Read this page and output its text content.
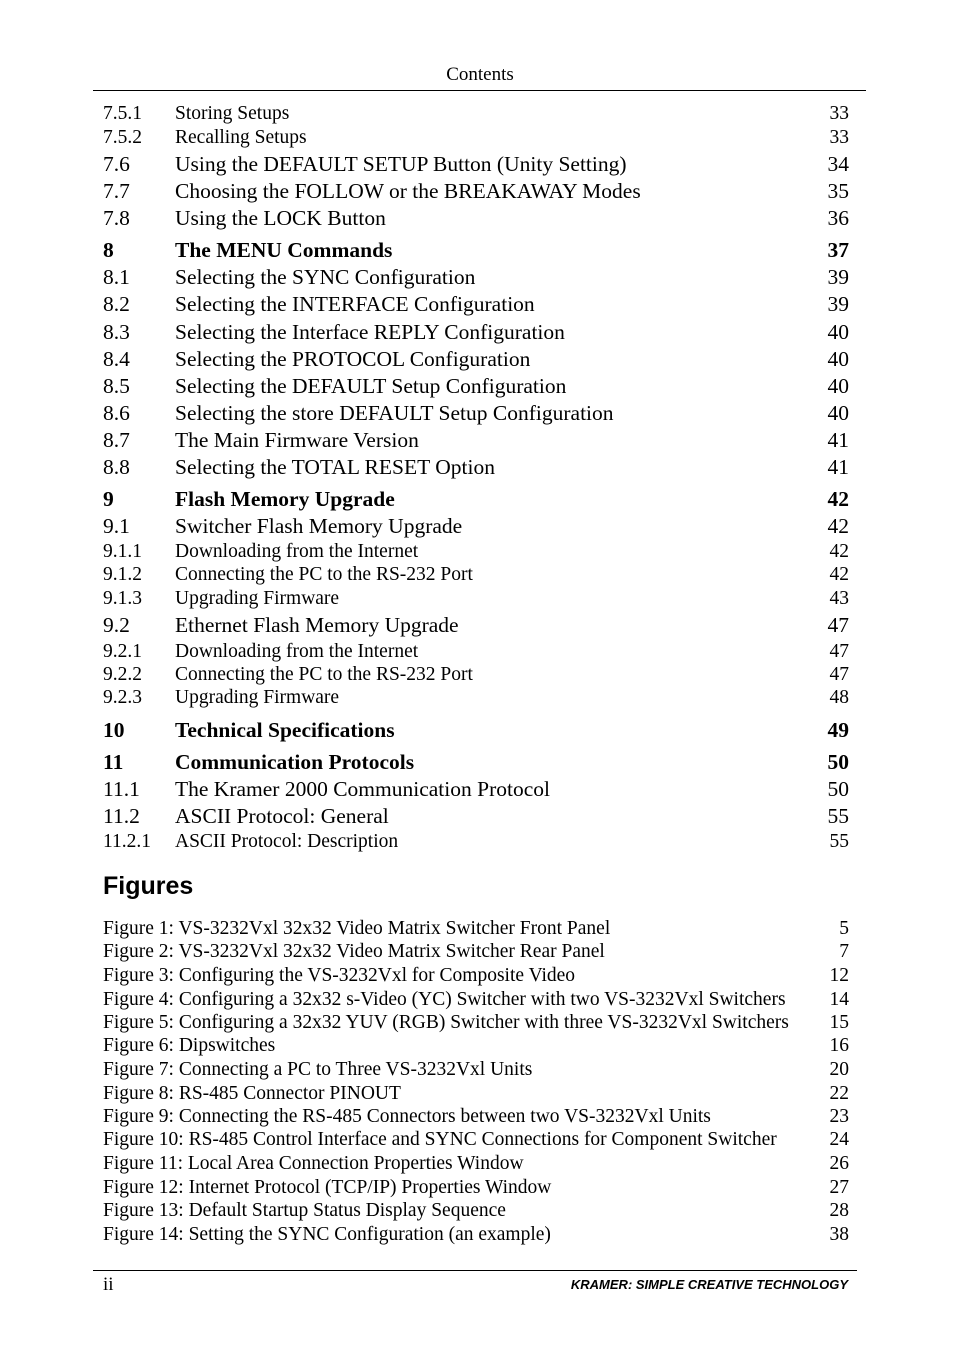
Contents
7.5.1 Storing Setups	33
7.5.2 Recalling Setups	33
7.6 Using the DEFAULT SETUP Button (Unity Setting)	34
7.7 Choosing the FOLLOW or the BREAKAWAY Modes	35
7.8 Using the LOCK Button	36
8	The MENU Commands	37
8.1 Selecting the SYNC Configuration	39
8.2 Selecting the INTERFACE Configuration	39
8.3 Selecting the Interface REPLY Configuration	40
8.4 Selecting the PROTOCOL Configuration	40
8.5 Selecting the DEFAULT Setup Configuration	40
8.6 Selecting the store DEFAULT Setup Configuration	40
8.7 The Main Firmware Version	41
8.8 Selecting the TOTAL RESET Option	41
9	Flash Memory Upgrade	42
9.1 Switcher Flash Memory Upgrade	42
9.1.1 Downloading from the Internet	42
9.1.2 Connecting the PC to the RS-232 Port	42
9.1.3 Upgrading Firmware	43
9.2 Ethernet Flash Memory Upgrade	47
9.2.1 Downloading from the Internet	47
9.2.2 Connecting the PC to the RS-232 Port	47
9.2.3 Upgrading Firmware	48
10 Technical Specifications	49
11 Communication Protocols	50
11.1 The Kramer 2000 Communication Protocol	50
11.2 ASCII Protocol: General	55
11.2.1 ASCII Protocol: Description	55
Figures
Figure 1: VS-3232Vxl 32x32 Video Matrix Switcher Front Panel	5
Figure 2: VS-3232Vxl 32x32 Video Matrix Switcher Rear Panel	7
Figure 3: Configuring the VS-3232Vxl for Composite Video	12
Figure 4: Configuring a 32x32 s-Video (YC) Switcher with two VS-3232Vxl Switchers 14
Figure 5: Configuring a 32x32 YUV (RGB) Switcher with three VS-3232Vxl Switchers 15
Figure 6: Dipswitches	16
Figure 7: Connecting a PC to Three VS-3232Vxl Units	20
Figure 8: RS-485 Connector PINOUT	22
Figure 9: Connecting the RS-485 Connectors between two VS-3232Vxl Units	23
Figure 10: RS-485 Control Interface and SYNC Connections for Component Switcher	24
Figure 11: Local Area Connection Properties Window	26
Figure 12: Internet Protocol (TCP/IP) Properties Window	27
Figure 13: Default Startup Status Display Sequence	28
Figure 14: Setting the SYNC Configuration (an example)	38
ii	KRAMER: SIMPLE CREATIVE TECHNOLOGY
